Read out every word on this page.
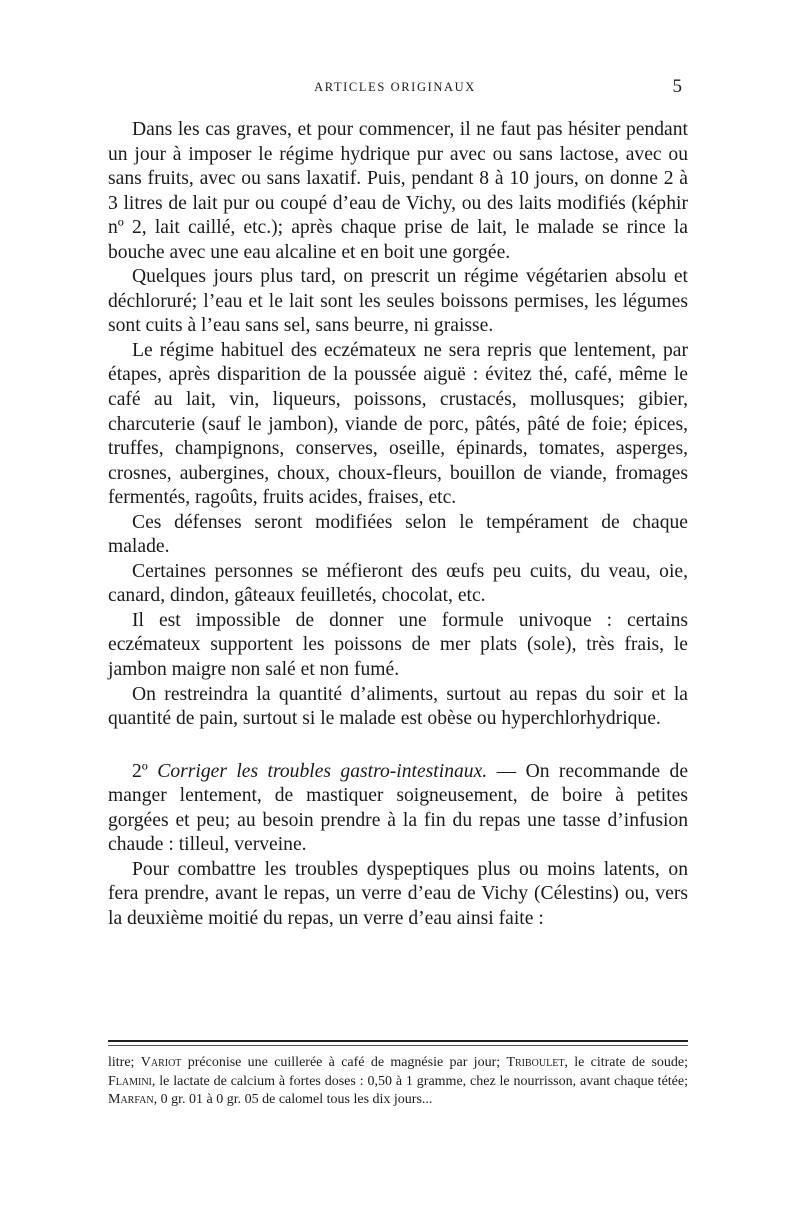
ARTICLES ORIGINAUX	5

Dans les cas graves, et pour commencer, il ne faut pas hésiter pendant un jour à imposer le régime hydrique pur avec ou sans lactose, avec ou sans fruits, avec ou sans laxatif. Puis, pendant 8 à 10 jours, on donne 2 à 3 litres de lait pur ou coupé d’eau de Vichy, ou des laits modifiés (képhir nº 2, lait caillé, etc.); après chaque prise de lait, le malade se rince la bouche avec une eau alcaline et en boit une gorgée.

Quelques jours plus tard, on prescrit un régime végétarien absolu et déchloruré; l’eau et le lait sont les seules boissons permises, les légumes sont cuits à l’eau sans sel, sans beurre, ni graisse.

Le régime habituel des eczémateux ne sera repris que lentement, par étapes, après disparition de la poussée aiguë : évitez thé, café, même le café au lait, vin, liqueurs, poissons, crustacés, mollusques; gibier, charcuterie (sauf le jambon), viande de porc, pâtés, pâté de foie; épices, truffes, champignons, conserves, oseille, épinards, tomates, asperges, crosnes, aubergines, choux, choux-fleurs, bouillon de viande, fromages fermentés, ragoûts, fruits acides, fraises, etc.

Ces défenses seront modifiées selon le tempérament de chaque malade.

Certaines personnes se méfieront des œufs peu cuits, du veau, oie, canard, dindon, gâteaux feuilletés, chocolat, etc.

Il est impossible de donner une formule univoque : certains eczémateux supportent les poissons de mer plats (sole), très frais, le jambon maigre non salé et non fumé.

On restreindra la quantité d’aliments, surtout au repas du soir et la quantité de pain, surtout si le malade est obèse ou hyperchlorhydrique.

2º Corriger les troubles gastro-intestinaux. — On recommande de manger lentement, de mastiquer soigneusement, de boire à petites gorgées et peu; au besoin prendre à la fin du repas une tasse d’infusion chaude : tilleul, verveine.

Pour combattre les troubles dyspeptiques plus ou moins latents, on fera prendre, avant le repas, un verre d’eau de Vichy (Célestins) ou, vers la deuxième moitié du repas, un verre d’eau ainsi faite :

litre; Variot préconise une cuillerée à café de magnésie par jour; Triboulet, le citrate de soude; Flamini, le lactate de calcium à fortes doses : 0,50 à 1 gramme, chez le nourrisson, avant chaque tétée; Marfan, 0 gr. 01 à 0 gr. 05 de calomel tous les dix jours...
